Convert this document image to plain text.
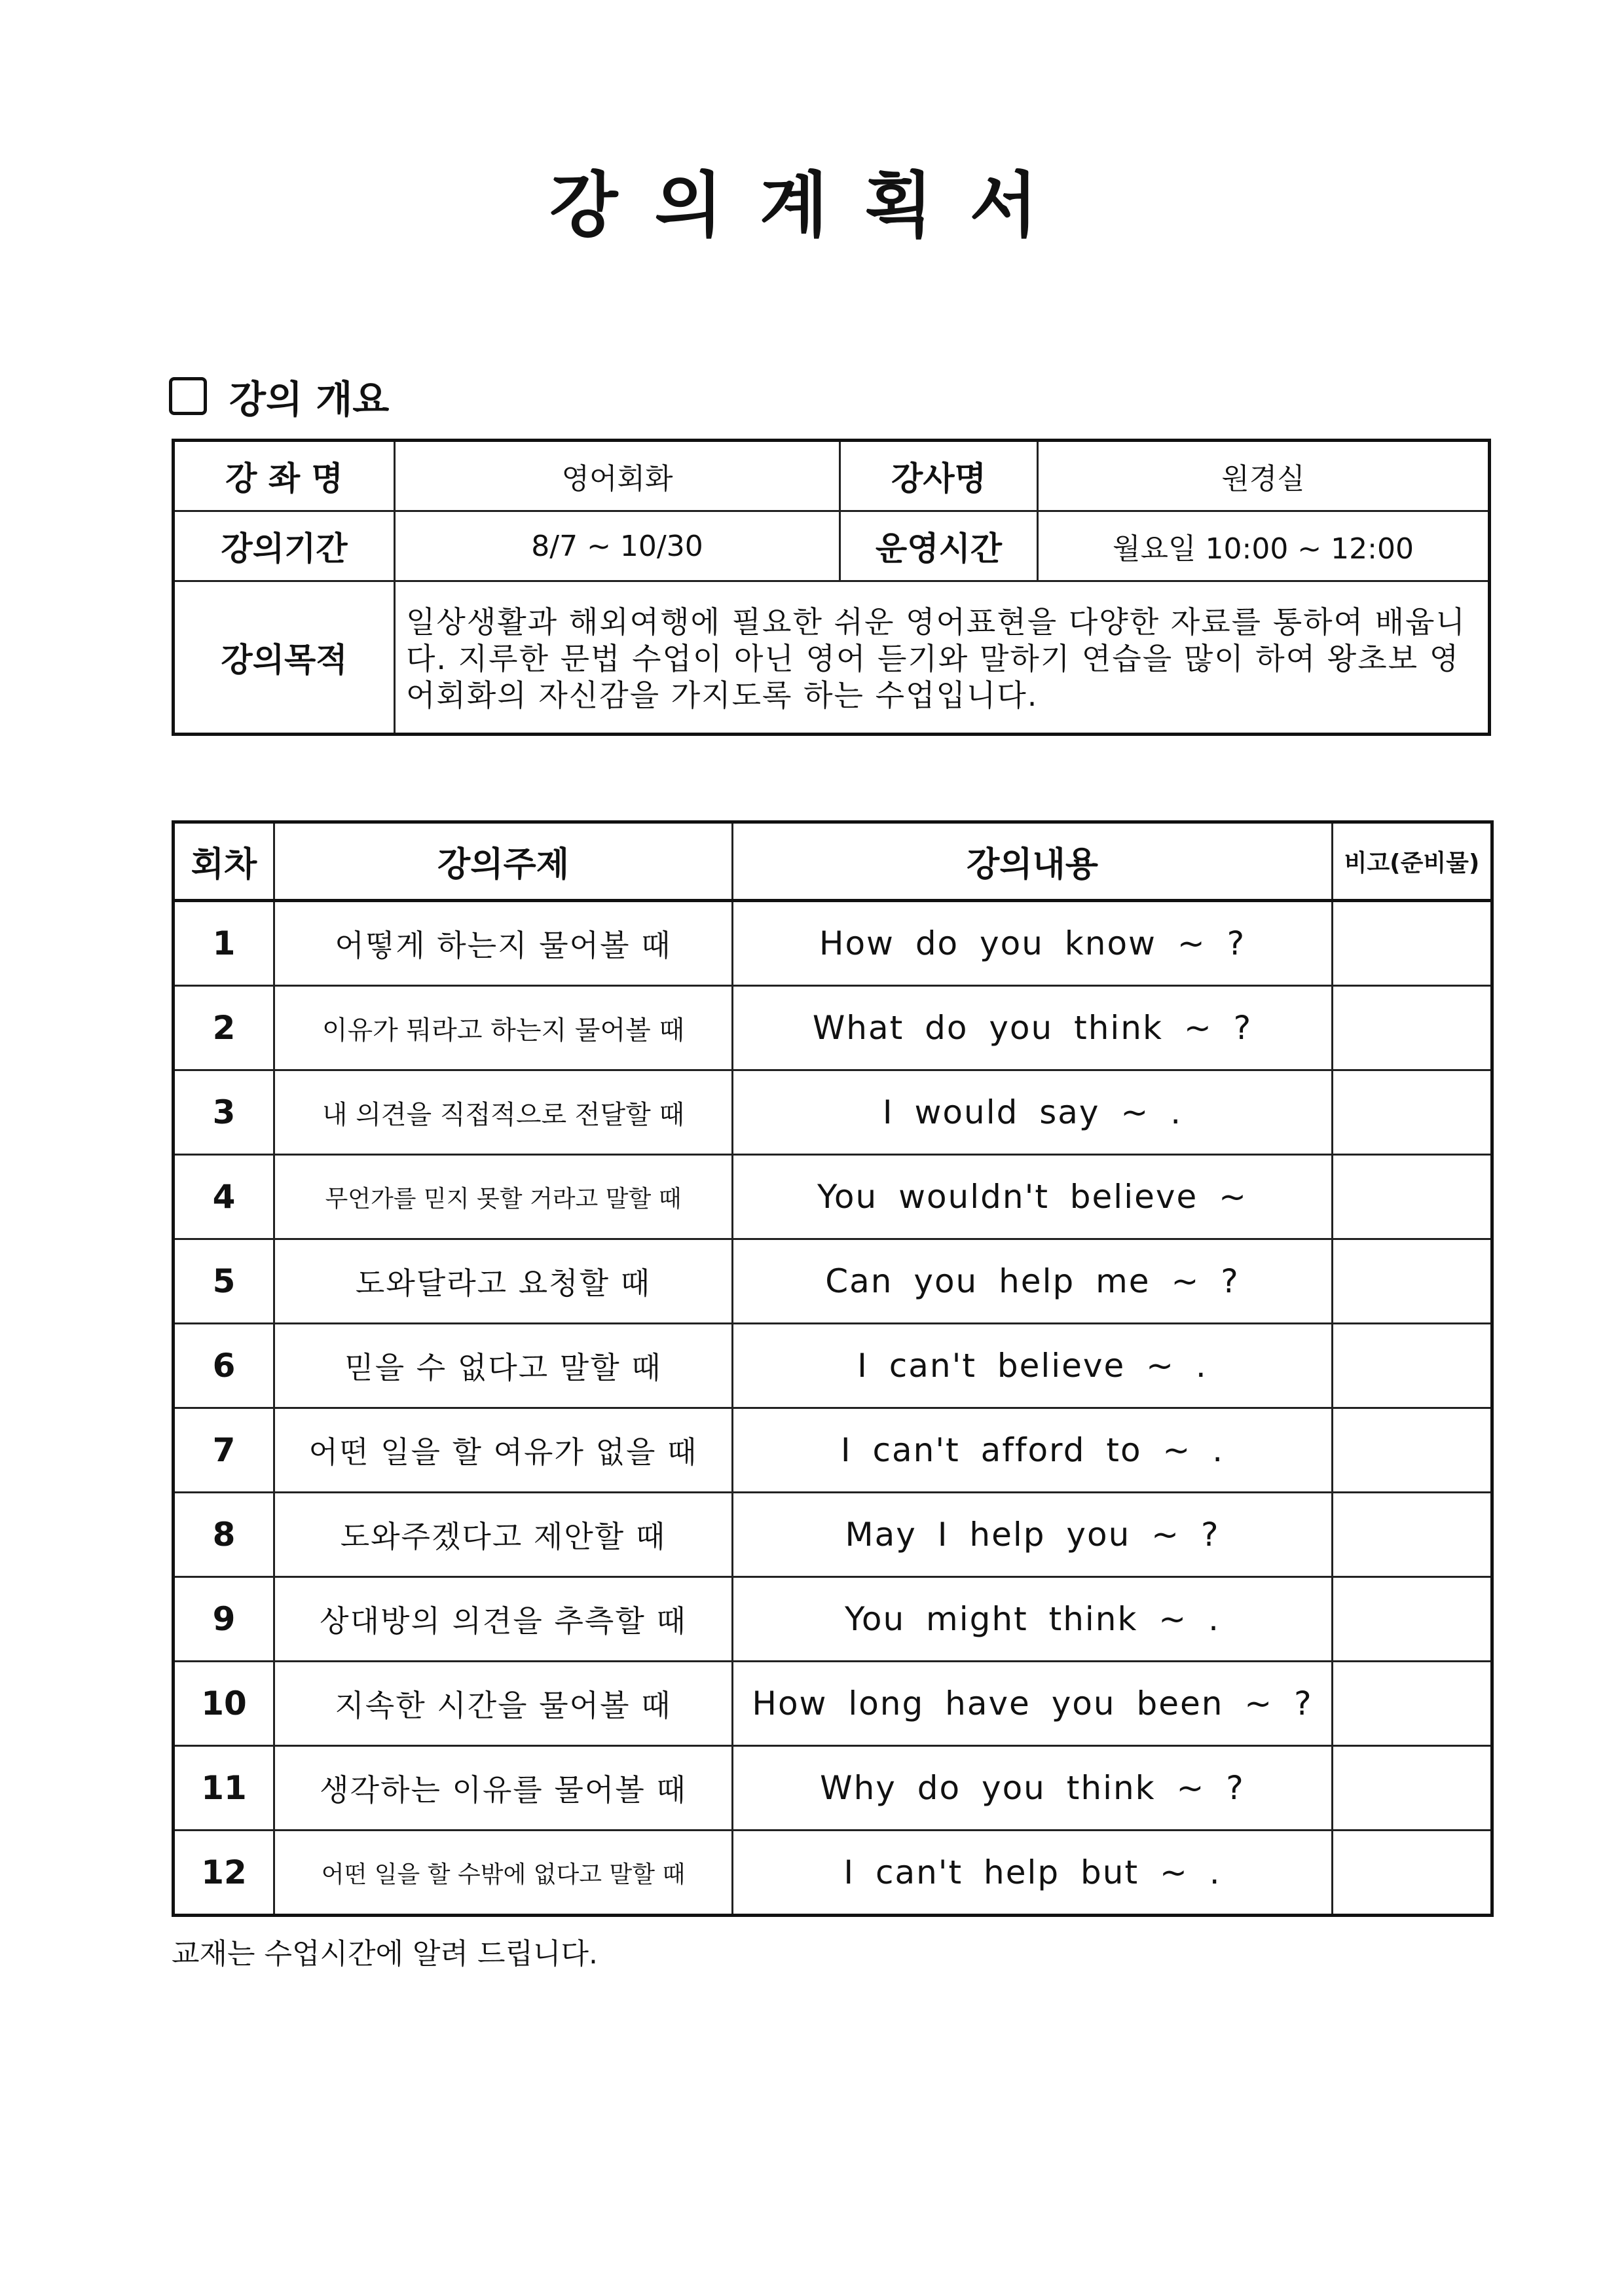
강의계획서
강의 개요
강 좌 명	영어회화	강사명	원경실
강의기간	8/7 ~ 10/30	운영시간	월요일 10:00 ~ 12:00
강의목적	일상생활과 해외여행에 필요한 쉬운 영어표현을 다양한 자료를 통하여 배웁니다. 지루한 문법 수업이 아닌 영어 듣기와 말하기 연습을 많이 하여 왕초보 영어회화의 자신감을 가지도록 하는 수업입니다.		
회차	강의주제	강의내용	비고(준비물)
1	어떻게 하는지 물어볼 때	How do you know ~ ?	
2	이유가 뭐라고 하는지 물어볼 때	What do you think ~ ?	
3	내 의견을 직접적으로 전달할 때	I would say ~ .	
4	무언가를 믿지 못할 거라고 말할 때	You wouldn't believe ~	
5	도와달라고 요청할 때	Can you help me ~ ?	
6	믿을 수 없다고 말할 때	I can't believe ~ .	
7	어떤 일을 할 여유가 없을 때	I can't afford to ~ .	
8	도와주겠다고 제안할 때	May I help you ~ ?	
9	상대방의 의견을 추측할 때	You might think ~ .	
10	지속한 시간을 물어볼 때	How long have you been ~ ?	
11	생각하는 이유를 물어볼 때	Why do you think ~ ?	
12	어떤 일을 할 수밖에 없다고 말할 때	I can't help but ~ .	
교재는 수업시간에 알려 드립니다.
